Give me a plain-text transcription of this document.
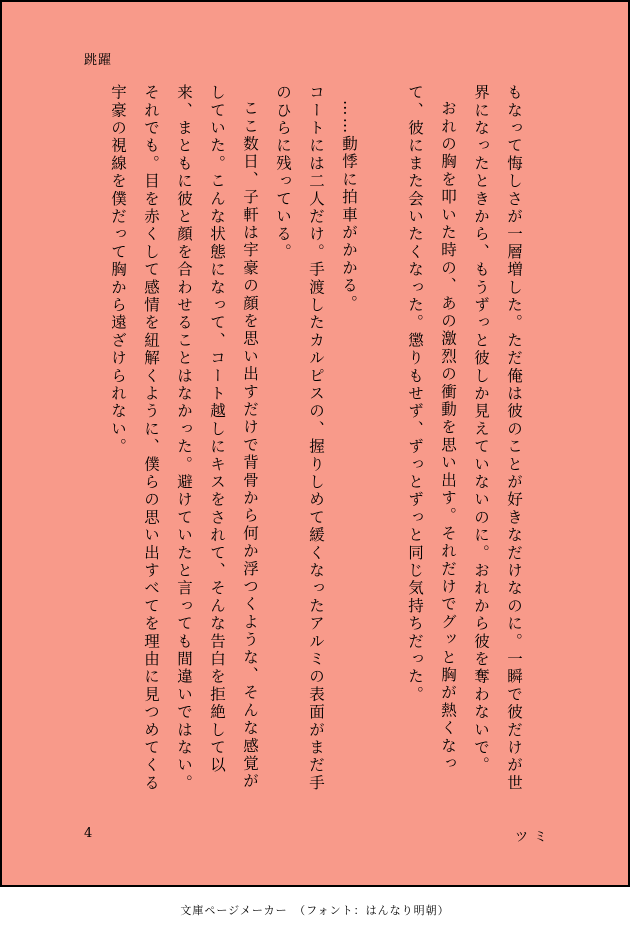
跳躍

もなって悔しさが一層増した。ただ俺は彼のことが好きなだけなのに。一瞬で彼だけが世界になったときから、もうずっと彼しか見えていないのに。おれから彼を奪わないで。

おれの胸を叩いた時の、あの激烈の衝動を思い出す。それだけでグッと胸が熱くなって、彼にまた会いたくなった。懲りもせず、ずっとずっと同じ気持ちだった。

……動悸に拍車がかかる。

コートには二人だけ。手渡したカルピスの、握りしめて緩くなったアルミの表面がまだ手のひらに残っている。

ここ数日、子軒は宇豪の顔を思い出すだけで背骨から何か浮つくような、そんな感覚がしていた。こんな状態になって、コート越しにキスをされて、そんな告白を拒絶して以来、まともに彼と顔を合わせることはなかった。避けていたと言っても間違いではない。それでも。目を赤くして感情を紐解くように、僕らの思い出すべてを理由に見つめてくる宇豪の視線を僕だって胸から遠ざけられない。

4	ツミ
文庫ページメーカー　（フォント：はんなり明朝）
